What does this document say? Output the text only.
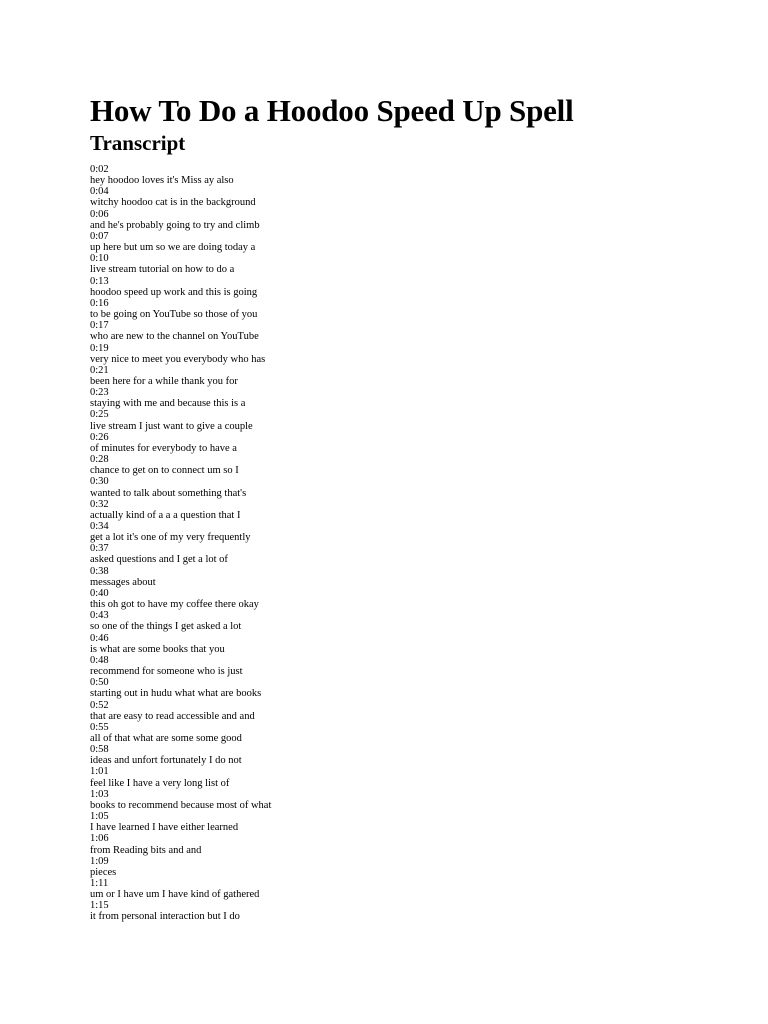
How To Do a Hoodoo Speed Up Spell
Transcript
0:02
hey hoodoo loves it's Miss ay also
0:04
witchy hoodoo cat is in the background
0:06
and he's probably going to try and climb
0:07
up here but um so we are doing today a
0:10
live stream tutorial on how to do a
0:13
hoodoo speed up work and this is going
0:16
to be going on YouTube so those of you
0:17
who are new to the channel on YouTube
0:19
very nice to meet you everybody who has
0:21
been here for a while thank you for
0:23
staying with me and because this is a
0:25
live stream I just want to give a couple
0:26
of minutes for everybody to have a
0:28
chance to get on to connect um so I
0:30
wanted to talk about something that's
0:32
actually kind of a a a question that I
0:34
get a lot it's one of my very frequently
0:37
asked questions and I get a lot of
0:38
messages about
0:40
this oh got to have my coffee there okay
0:43
so one of the things I get asked a lot
0:46
is what are some books that you
0:48
recommend for someone who is just
0:50
starting out in hudu what what are books
0:52
that are easy to read accessible and and
0:55
all of that what are some some good
0:58
ideas and unfort fortunately I do not
1:01
feel like I have a very long list of
1:03
books to recommend because most of what
1:05
I have learned I have either learned
1:06
from Reading bits and and
1:09
pieces
1:11
um or I have um I have kind of gathered
1:15
it from personal interaction but I do
